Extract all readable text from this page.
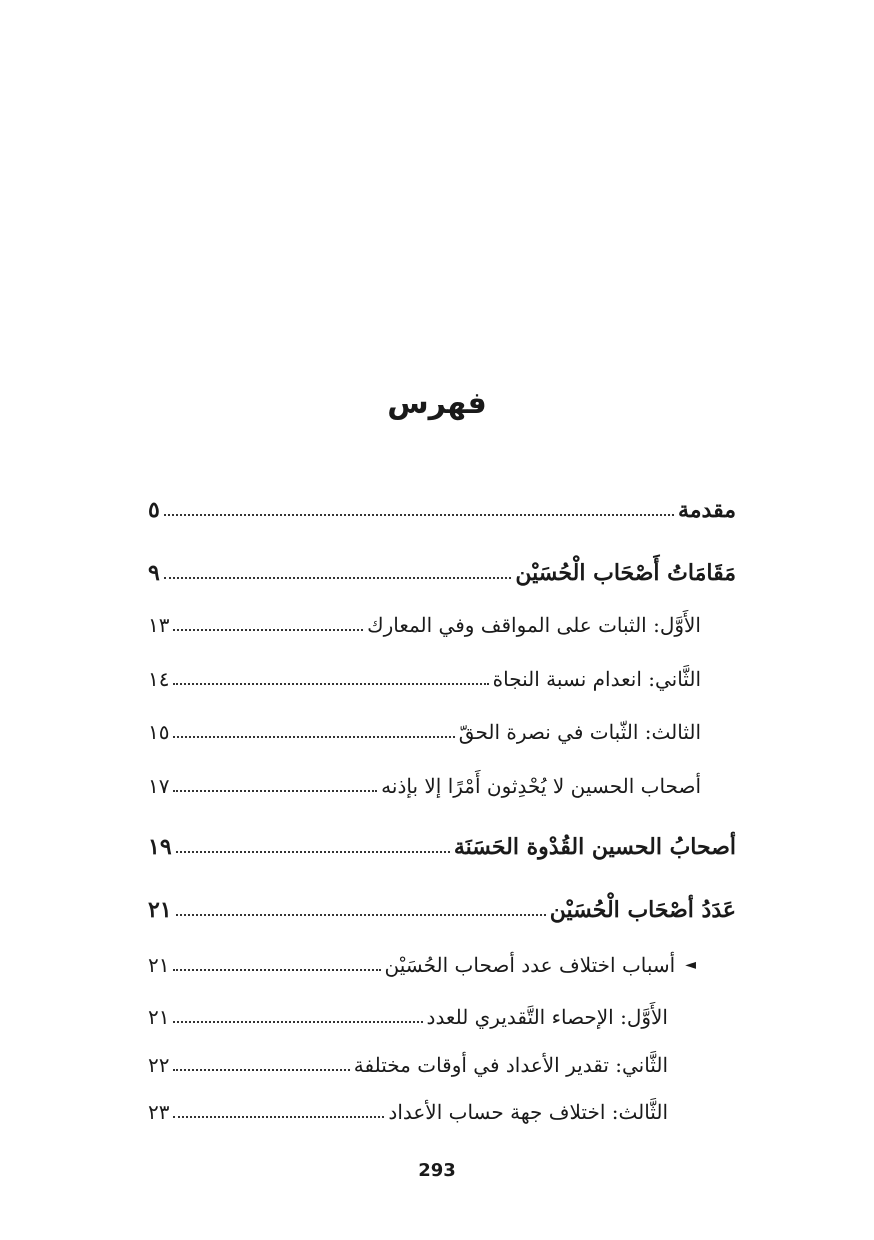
فهرس
٥	مقدمة
٩	مَقَامَاتُ أَصْحَاب الْحُسَيْن
١٣	الأَوَّل: الثبات على المواقف وفي المعارك
١٤	الثَّاني: انعدام نسبة النجاة
١٥	الثالث: الثّبات في نصرة الحقّ
١٧	أصحاب الحسين لا يُحْدِثون أَمْرًا إلا بإذنه
١٩	أصحابُ الحسين القُدْوة الحَسَنَة
٢١	عَدَدُ أصْحَاب الْحُسَيْن
٢١	أسباب اختلاف عدد أصحاب الحُسَيْن ◄
٢١	الأَوَّل: الإحصاء التَّقديري للعدد
٢٢	الثَّاني: تقدير الأعداد في أوقات مختلفة
٢٣	الثَّالث: اختلاف جهة حساب الأعداد
293
